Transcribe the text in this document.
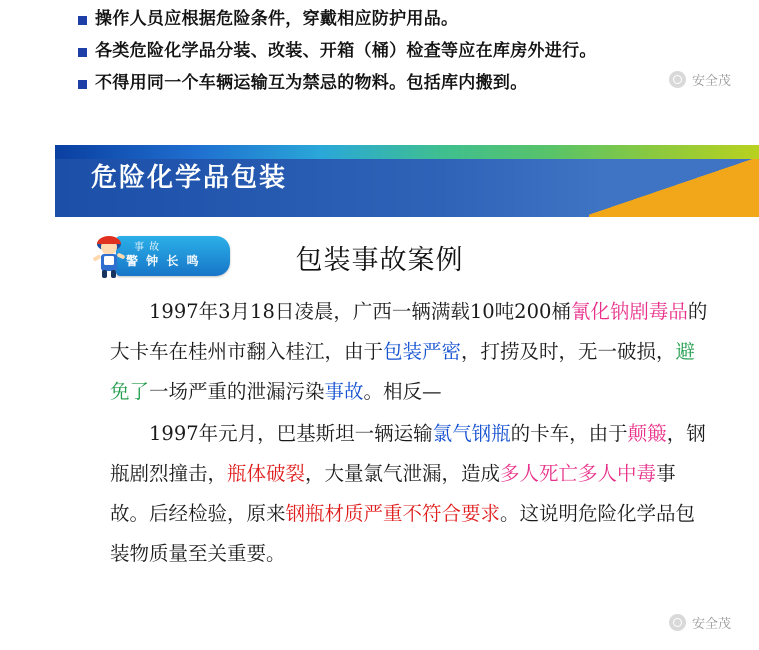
操作人员应根据危险条件，穿戴相应防护用品。
各类危险化学品分装、改装、开箱（桶）检查等应在库房外进行。
不得用同一个车辆运输互为禁忌的物料。包括库内搬到。	安全茂
危险化学品包装
事 故
警 钟 长 鸣	包装事故案例

1997年3月18日凌晨，广西一辆满载10吨200桶氰化钠剧毒品的大卡车在桂州市翻入桂江，由于包装严密，打捞及时，无一破损，避免了一场严重的泄漏污染事故。相反—

1997年元月，巴基斯坦一辆运输氯气钢瓶的卡车，由于颠簸，钢瓶剧烈撞击，瓶体破裂，大量氯气泄漏，造成多人死亡多人中毒事故。后经检验，原来钢瓶材质严重不符合要求。这说明危险化学品包装物质量至关重要。

安全茂
